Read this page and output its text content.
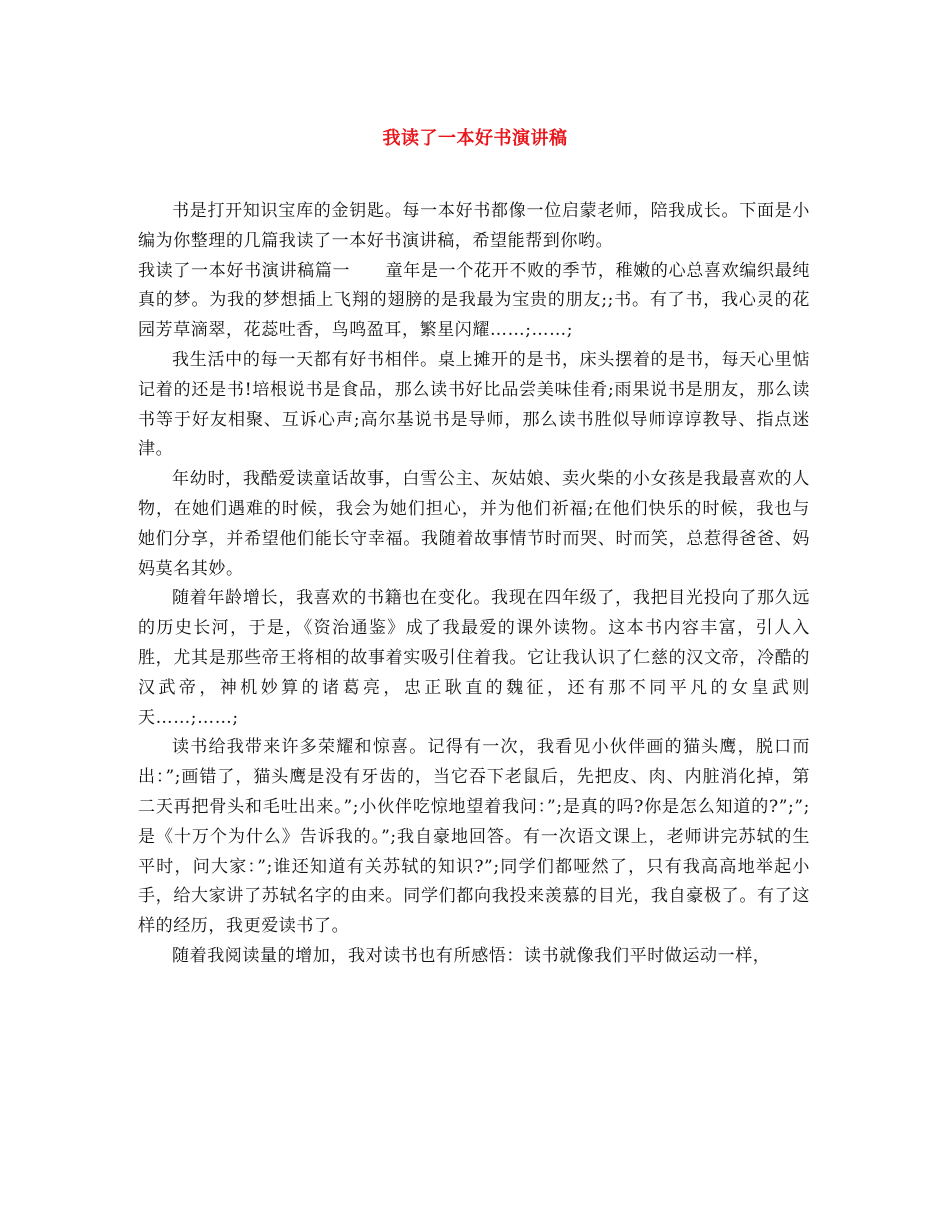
我读了一本好书演讲稿

书是打开知识宝库的金钥匙。每一本好书都像一位启蒙老师，陪我成长。下面是小编为你整理的几篇我读了一本好书演讲稿，希望能帮到你哟。

我读了一本好书演讲稿篇一　　童年是一个花开不败的季节，稚嫩的心总喜欢编织最纯真的梦。为我的梦想插上飞翔的翅膀的是我最为宝贵的朋友;;书。有了书，我心灵的花园芳草滴翠，花蕊吐香，鸟鸣盈耳，繁星闪耀……;……;

我生活中的每一天都有好书相伴。桌上摊开的是书，床头摆着的是书，每天心里惦记着的还是书!培根说书是食品，那么读书好比品尝美味佳肴;雨果说书是朋友，那么读书等于好友相聚、互诉心声;高尔基说书是导师，那么读书胜似导师谆谆教导、指点迷津。

年幼时，我酷爱读童话故事，白雪公主、灰姑娘、卖火柴的小女孩是我最喜欢的人物，在她们遇难的时候，我会为她们担心，并为他们祈福;在他们快乐的时候，我也与她们分享，并希望他们能长守幸福。我随着故事情节时而哭、时而笑，总惹得爸爸、妈妈莫名其妙。

随着年龄增长，我喜欢的书籍也在变化。我现在四年级了，我把目光投向了那久远的历史长河，于是，《资治通鉴》成了我最爱的课外读物。这本书内容丰富，引人入胜，尤其是那些帝王将相的故事着实吸引住着我。它让我认识了仁慈的汉文帝，冷酷的汉武帝，神机妙算的诸葛亮，忠正耿直的魏征，还有那不同平凡的女皇武则天……;……;

读书给我带来许多荣耀和惊喜。记得有一次，我看见小伙伴画的猫头鹰，脱口而出：”;画错了，猫头鹰是没有牙齿的，当它吞下老鼠后，先把皮、肉、内脏消化掉，第二天再把骨头和毛吐出来。”;小伙伴吃惊地望着我问：”;是真的吗?你是怎么知道的?”;”;是《十万个为什么》告诉我的。”;我自豪地回答。有一次语文课上，老师讲完苏轼的生平时，问大家：”;谁还知道有关苏轼的知识?”;同学们都哑然了，只有我高高地举起小手，给大家讲了苏轼名字的由来。同学们都向我投来羡慕的目光，我自豪极了。有了这样的经历，我更爱读书了。

随着我阅读量的增加，我对读书也有所感悟：读书就像我们平时做运动一样，
